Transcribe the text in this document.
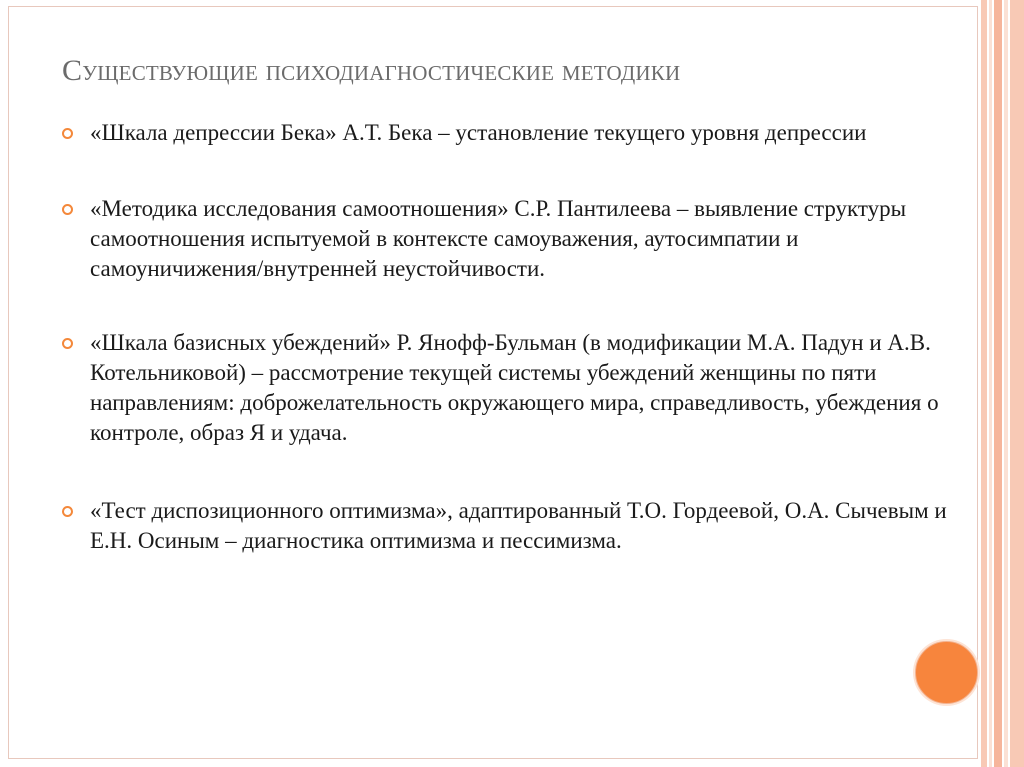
Существующие психодиагностические методики
«Шкала депрессии Бека» А.Т. Бека – установление текущего уровня депрессии
«Методика исследования самоотношения» С.Р. Пантилеева – выявление структуры самоотношения испытуемой в контексте самоуважения, аутосимпатии и самоуничижения/внутренней неустойчивости.
«Шкала базисных убеждений» Р. Янофф-Бульман (в модификации М.А. Падун и А.В. Котельниковой) – рассмотрение текущей системы убеждений женщины по пяти направлениям: доброжелательность окружающего мира, справедливость, убеждения о контроле, образ Я и удача.
«Тест диспозиционного оптимизма», адаптированный Т.О. Гордеевой, О.А. Сычевым и Е.Н. Осиным – диагностика оптимизма и пессимизма.
